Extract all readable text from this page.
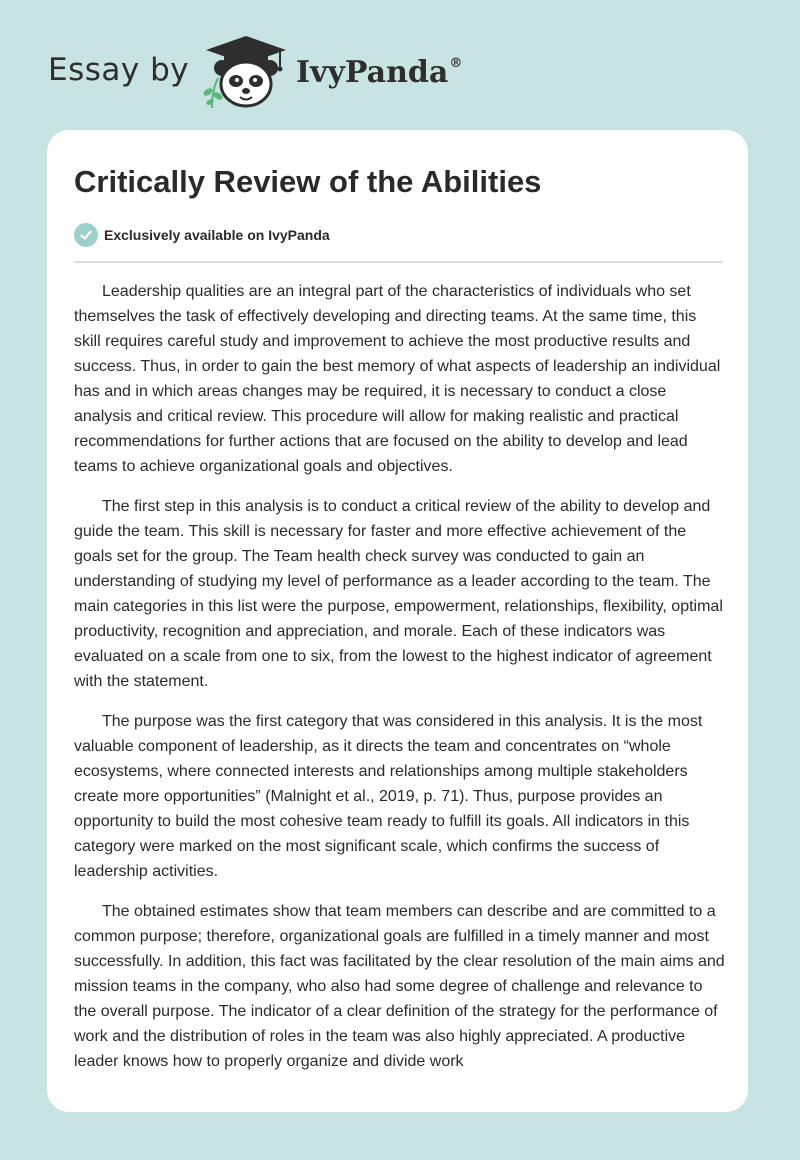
Essay by	IvyPanda®
Critically Review of the Abilities
Exclusively available on IvyPanda

Leadership qualities are an integral part of the characteristics of individuals who set themselves the task of effectively developing and directing teams. At the same time, this skill requires careful study and improvement to achieve the most productive results and success. Thus, in order to gain the best memory of what aspects of leadership an individual has and in which areas changes may be required, it is necessary to conduct a close analysis and critical review. This procedure will allow for making realistic and practical recommendations for further actions that are focused on the ability to develop and lead teams to achieve organizational goals and objectives.

The first step in this analysis is to conduct a critical review of the ability to develop and guide the team. This skill is necessary for faster and more effective achievement of the goals set for the group. The Team health check survey was conducted to gain an understanding of studying my level of performance as a leader according to the team. The main categories in this list were the purpose, empowerment, relationships, flexibility, optimal productivity, recognition and appreciation, and morale. Each of these indicators was evaluated on a scale from one to six, from the lowest to the highest indicator of agreement with the statement.

The purpose was the first category that was considered in this analysis. It is the most valuable component of leadership, as it directs the team and concentrates on “whole ecosystems, where connected interests and relationships among multiple stakeholders create more opportunities” (Malnight et al., 2019, p. 71). Thus, purpose provides an opportunity to build the most cohesive team ready to fulfill its goals. All indicators in this category were marked on the most significant scale, which confirms the success of leadership activities.

The obtained estimates show that team members can describe and are committed to a common purpose; therefore, organizational goals are fulfilled in a timely manner and most successfully. In addition, this fact was facilitated by the clear resolution of the main aims and mission teams in the company, who also had some degree of challenge and relevance to the overall purpose. The indicator of a clear definition of the strategy for the performance of work and the distribution of roles in the team was also highly appreciated. A productive leader knows how to properly organize and divide work
